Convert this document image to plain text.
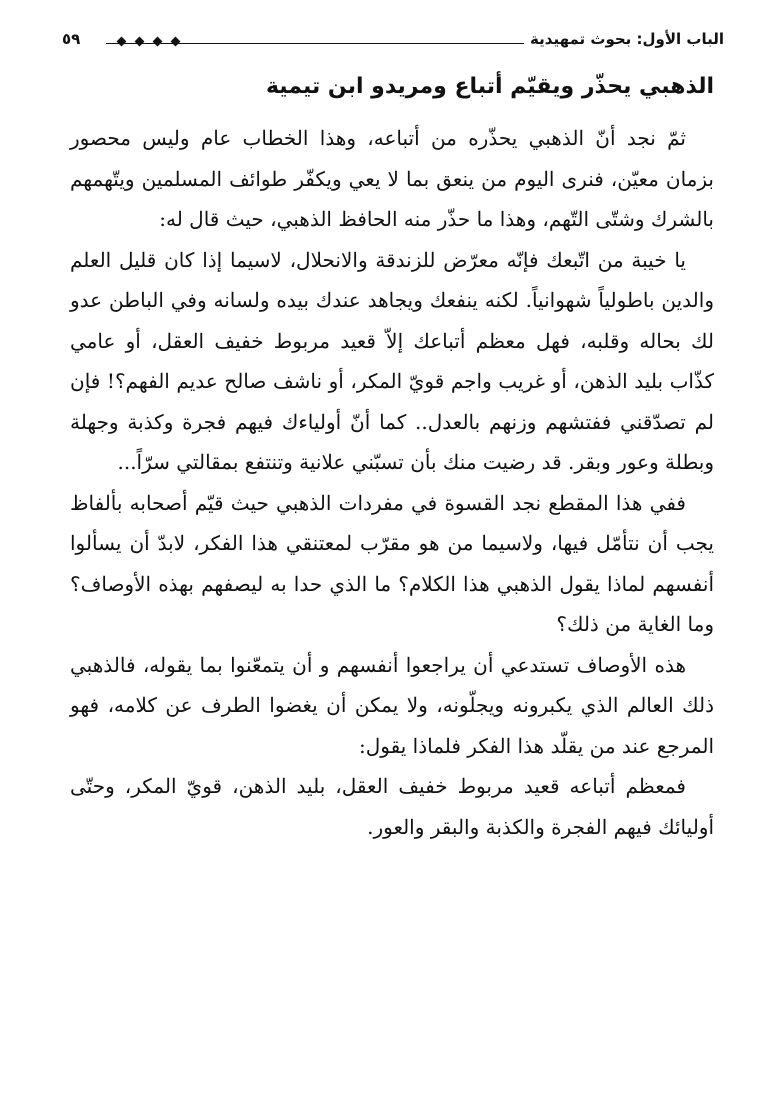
الباب الأول: بحوث تمهيدية
٥٩
الذهبي يحذّر ويقيّم أتباع ومريدو ابن تيمية

ثمّ نجد أنّ الذهبي يحذّره من أتباعه، وهذا الخطاب عام وليس محصور بزمان معيّن، فنرى اليوم من ينعق بما لا يعي ويكفّر طوائف المسلمين ويتّهمهم بالشرك وشتّى التّهم، وهذا ما حذّر منه الحافظ الذهبي، حيث قال له:

يا خيبة من اتّبعك فإنّه معرّض للزندقة والانحلال، لاسيما إذا كان قليل العلم والدين باطولياً شهوانياً. لكنه ينفعك ويجاهد عندك بيده ولسانه وفي الباطن عدو لك بحاله وقلبه، فهل معظم أتباعك إلاّ قعيد مربوط خفيف العقل، أو عامي كذّاب بليد الذهن، أو غريب واجم قويّ المكر، أو ناشف صالح عديم الفهم؟! فإن لم تصدّقني ففتشهم وزنهم بالعدل.. كما أنّ أولياءك فيهم فجرة وكذبة وجهلة وبطلة وعور وبقر. قد رضيت منك بأن تسبّني علانية وتنتفع بمقالتي سرّاً...

ففي هذا المقطع نجد القسوة في مفردات الذهبي حيث قيّم أصحابه بألفاظ يجب أن نتأمّل فيها، ولاسيما من هو مقرّب لمعتنقي هذا الفكر، لابدّ أن يسألوا أنفسهم لماذا يقول الذهبي هذا الكلام؟ ما الذي حدا به ليصفهم بهذه الأوصاف؟ وما الغاية من ذلك؟

هذه الأوصاف تستدعي أن يراجعوا أنفسهم و أن يتمعّنوا بما يقوله، فالذهبي ذلك العالم الذي يكبرونه ويجلّونه، ولا يمكن أن يغضوا الطرف عن كلامه، فهو المرجع عند من يقلّد هذا الفكر فلماذا يقول:

فمعظم أتباعه قعيد مربوط خفيف العقل، بليد الذهن، قويّ المكر، وحتّى أوليائك فيهم الفجرة والكذبة والبقر والعور.
